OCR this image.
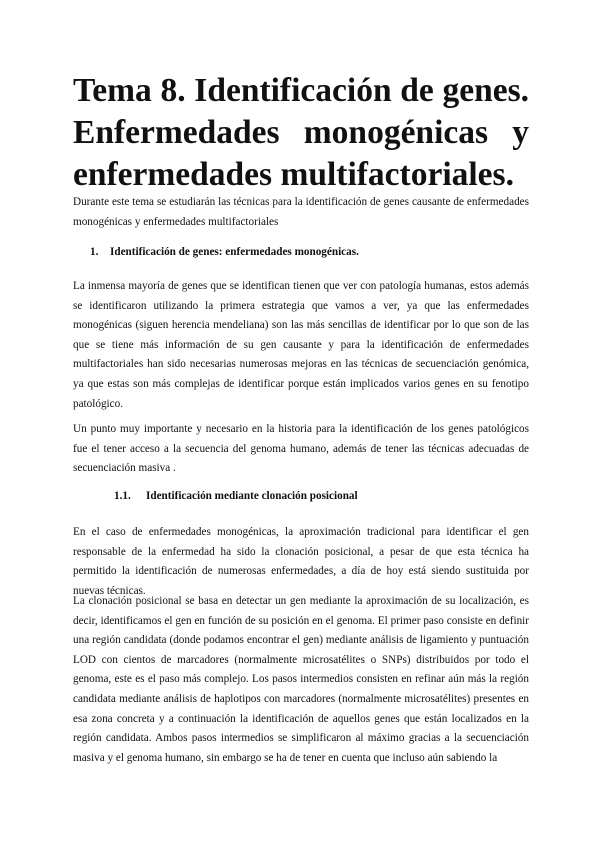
Tema 8. Identificación de genes.
Enfermedades monogénicas y
enfermedades multifactoriales.

Durante este tema se estudiarán las técnicas para la identificación de genes causante de enfermedades monogénicas y enfermedades multifactoriales

1. Identificación de genes: enfermedades monogénicas.

La inmensa mayoría de genes que se identifican tienen que ver con patología humanas, estos además se identificaron utilizando la primera estrategia que vamos a ver, ya que las enfermedades monogénicas (siguen herencia mendeliana) son las más sencillas de identificar por lo que son de las que se tiene más información de su gen causante y para la identificación de enfermedades multifactoriales han sido necesarias numerosas mejoras en las técnicas de secuenciación genómica, ya que estas son más complejas de identificar porque están implicados varios genes en su fenotipo patológico.

Un punto muy importante y necesario en la historia para la identificación de los genes patológicos fue el tener acceso a la secuencia del genoma humano, además de tener las técnicas adecuadas de secuenciación masiva .

1.1. Identificación mediante clonación posicional

En el caso de enfermedades monogénicas, la aproximación tradicional para identificar el gen responsable de la enfermedad ha sido la clonación posicional, a pesar de que esta técnica ha permitido la identificación de numerosas enfermedades, a día de hoy está siendo sustituida por nuevas técnicas.

La clonación posicional se basa en detectar un gen mediante la aproximación de su localización, es decir, identificamos el gen en función de su posición en el genoma. El primer paso consiste en definir una región candidata (donde podamos encontrar el gen) mediante análisis de ligamiento y puntuación LOD con cientos de marcadores (normalmente microsatélites o SNPs) distribuidos por todo el genoma, este es el paso más complejo. Los pasos intermedios consisten en refinar aún más la región candidata mediante análisis de haplotipos con marcadores (normalmente microsatélites) presentes en esa zona concreta y a continuación la identificación de aquellos genes que están localizados en la región candidata. Ambos pasos intermedios se simplificaron al máximo gracias a la secuenciación masiva y el genoma humano, sin embargo se ha de tener en cuenta que incluso aún sabiendo la
